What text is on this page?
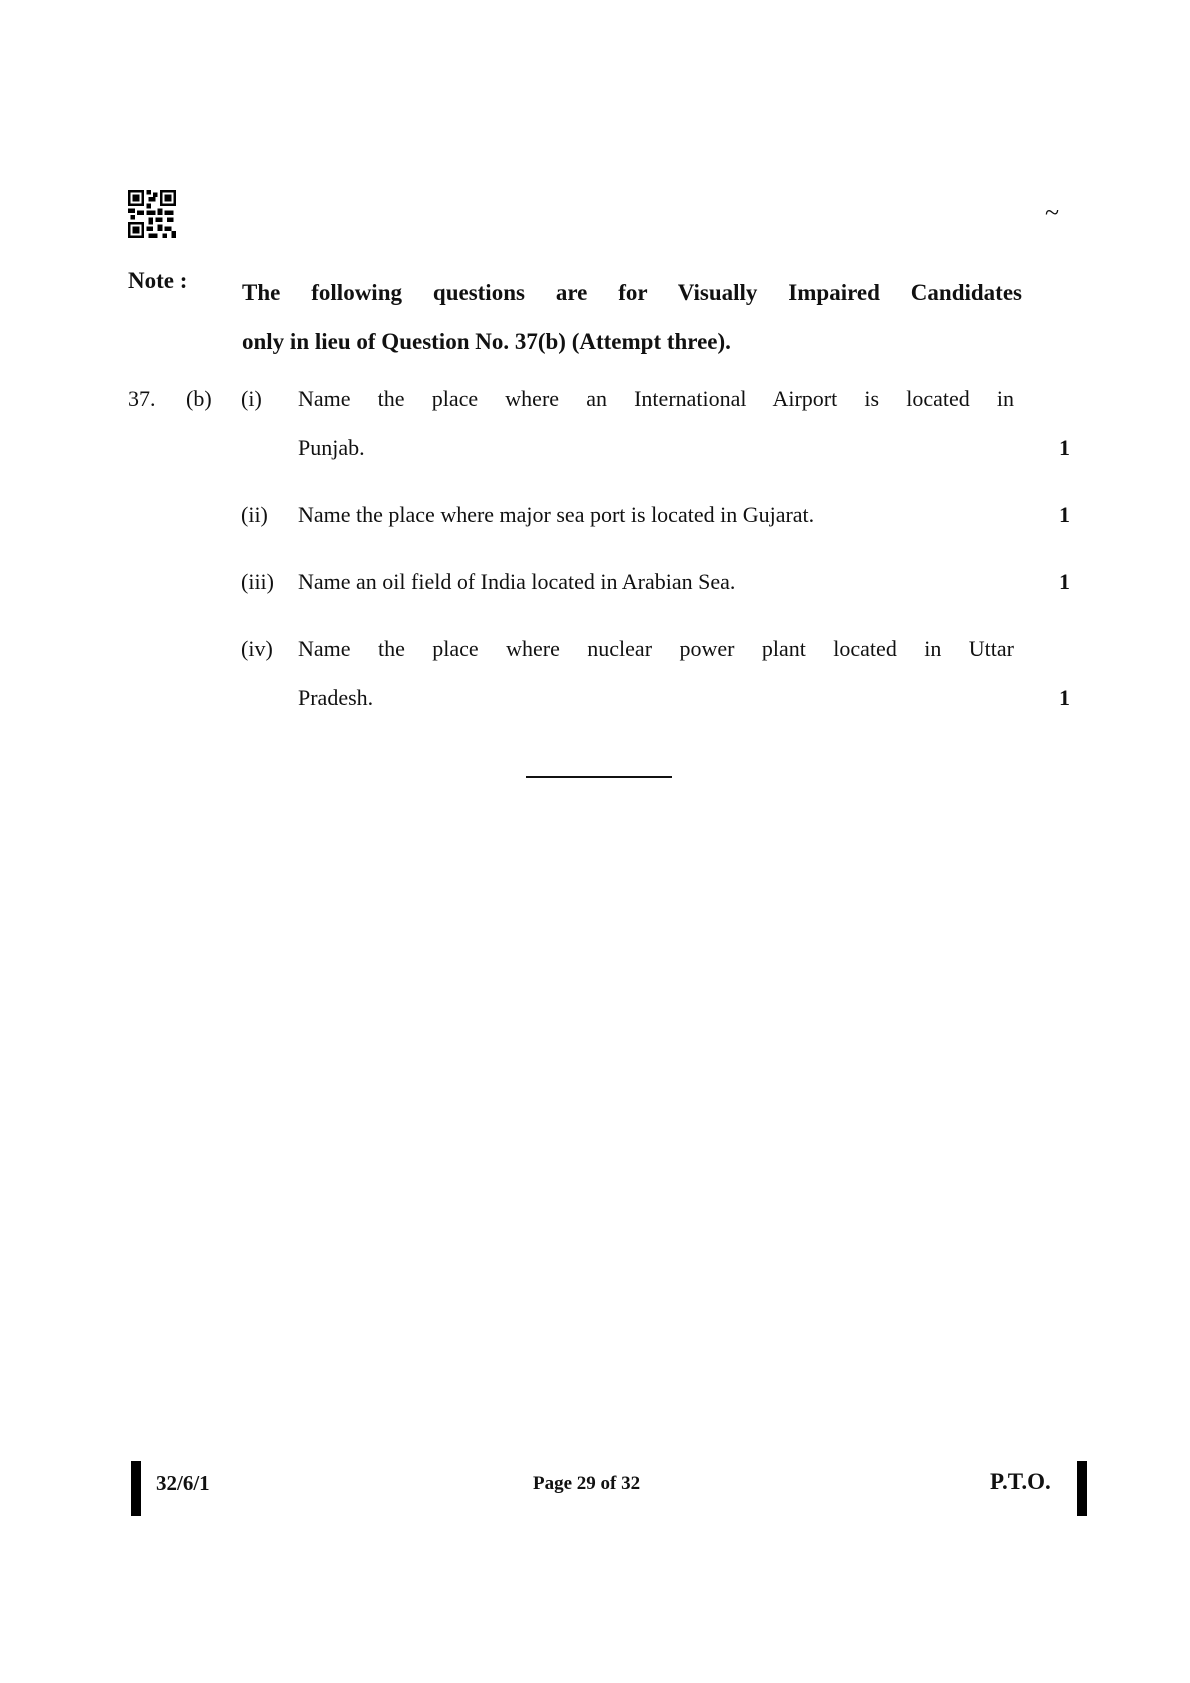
~
Note : The following questions are for Visually Impaired Candidates
only in lieu of Question No. 37(b) (Attempt three).
37. (b) (i) Name the place where an International Airport is located in
Punjab.	1
(ii) Name the place where major sea port is located in Gujarat.	1
(iii) Name an oil field of India located in Arabian Sea.	1
(iv) Name the place where nuclear power plant located in Uttar
Pradesh.	1
32/6/1	Page 29 of 32	P.T.O.
